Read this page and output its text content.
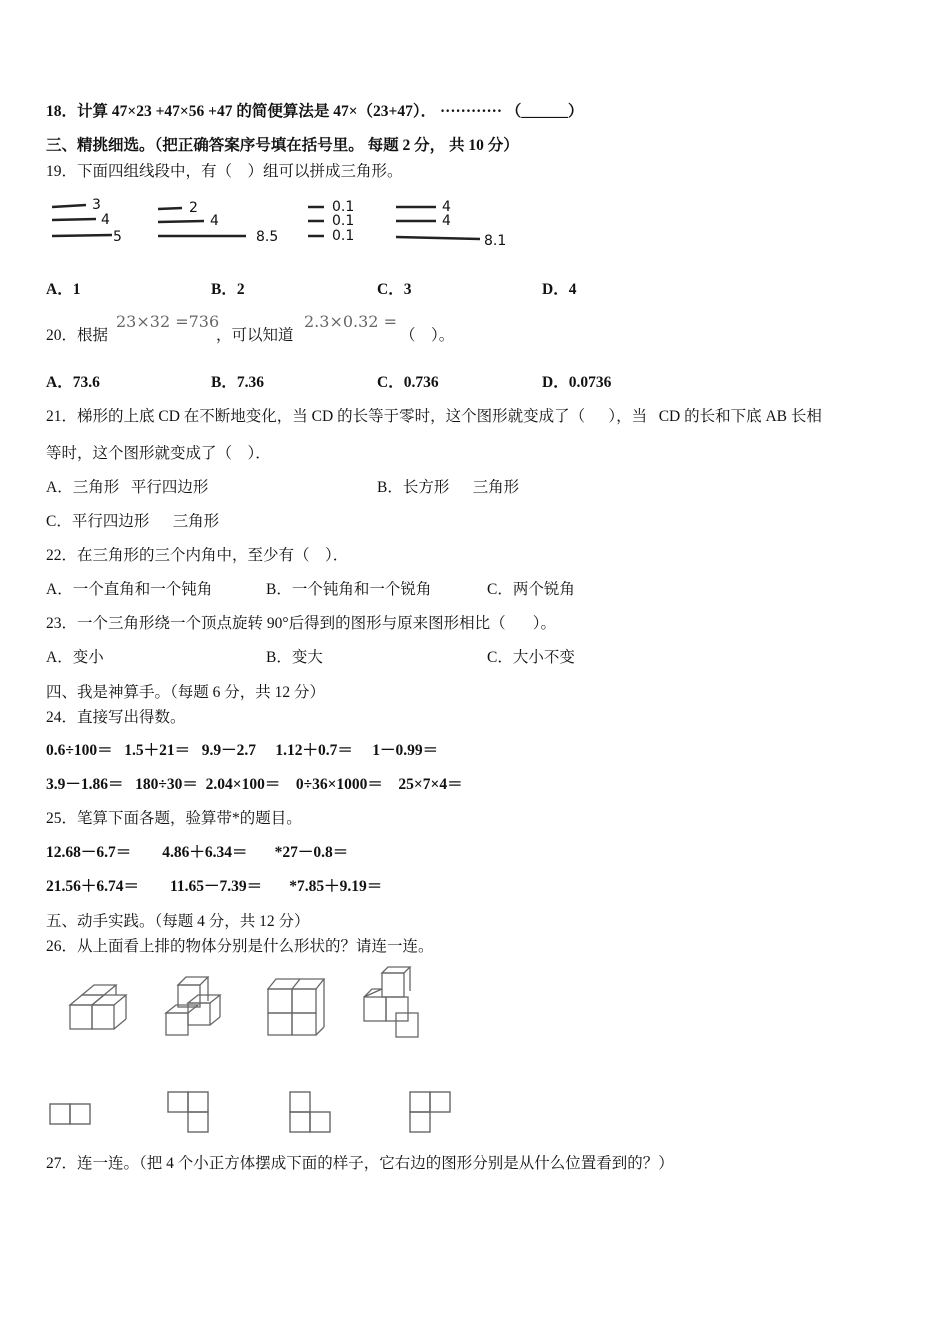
18．计算 47×23 +47×56 +47 的简便算法是 47×（23+47）． ············ （______）
三、精挑细选。（把正确答案序号填在括号里。 每题 2 分， 共 10 分）
19．下面四组线段中，有（    ）组可以拼成三角形。
3
4
5
2
4
8.5
0.1
0.1
0.1
4
4
8.1
A．1	B．2	C．3	D．4
20．根据
23×32 =736
，可以知道
2.3×0.32 =
（    ）。
A．73.6	B．7.36	C．0.736	D．0.0736
21．梯形的上底 CD 在不断地变化，当 CD 的长等于零时，这个图形就变成了（      ），当   CD 的长和下底 AB 长相
等时，这个图形就变成了（    ）．
A．三角形   平行四边形	B．长方形      三角形
C．平行四边形      三角形
22．在三角形的三个内角中，至少有（    ）．
A．一个直角和一个钝角	B．一个钝角和一个锐角	C．两个锐角
23．一个三角形绕一个顶点旋转 90°后得到的图形与原来图形相比（       ）。
A．变小	B．变大	C．大小不变
四、我是神算手。（每题 6 分，共 12 分）
24．直接写出得数。
0.6÷100＝   1.5＋21＝   9.9－2.7     1.12＋0.7＝     1－0.99＝
3.9－1.86＝   180÷30＝  2.04×100＝    0÷36×1000＝    25×7×4＝
25．笔算下面各题，验算带*的题目。
12.68－6.7＝        4.86＋6.34＝       *27－0.8＝
21.56＋6.74＝        11.65－7.39＝       *7.85＋9.19＝
五、动手实践。（每题 4 分，共 12 分）
26．从上面看上排的物体分别是什么形状的？请连一连。
27．连一连。（把 4 个小正方体摆成下面的样子，它右边的图形分别是从什么位置看到的？）
